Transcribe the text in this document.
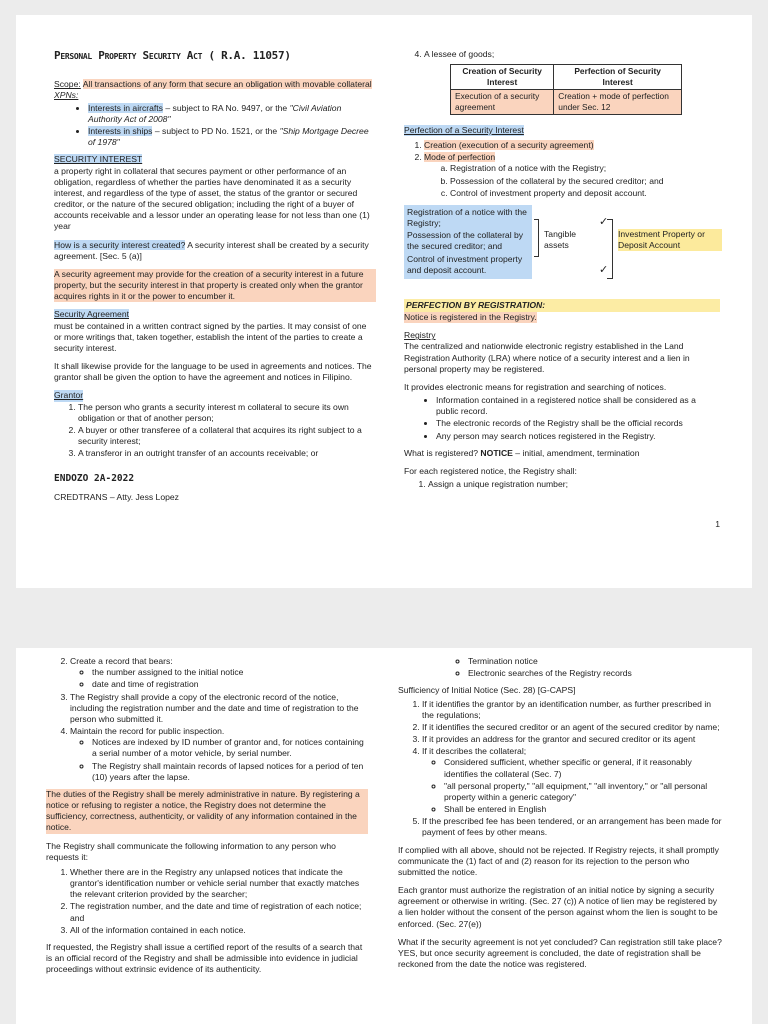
Personal Property Security Act ( R.A. 11057)

Scope: All transactions of any form that secure an obligation with movable collateral
XPNs:

• Interests in aircrafts – subject to RA No. 9497, or the "Civil Aviation Authority Act of 2008"
• Interests in ships – subject to PD No. 1521, or the "Ship Mortgage Decree of 1978"

SECURITY INTEREST
a property right in collateral that secures payment or other performance of an obligation, regardless of whether the parties have denominated it as a security interest, and regardless of the type of asset, the status of the grantor or secured creditor, or the nature of the secured obligation; including the right of a buyer of accounts receivable and a lessor under an operating lease for not less than one (1) year

How is a security interest created? A security interest shall be created by a security agreement. [Sec. 5 (a)]

A security agreement may provide for the creation of a security interest in a future property, but the security interest in that property is created only when the grantor acquires rights in it or the power to encumber it.

Security Agreement
must be contained in a written contract signed by the parties. It may consist of one or more writings that, taken together, establish the intent of the parties to create a security interest.

It shall likewise provide for the language to be used in agreements and notices. The grantor shall be given the option to have the agreement and notices in Filipino.

Grantor
1. The person who grants a security interest m collateral to secure its own obligation or that of another person;
2. A buyer or other transferee of a collateral that acquires its right subject to a security interest;
3. A transferor in an outright transfer of an accounts receivable; or
ENDOZO 2A-2022
CREDTRANS – Atty. Jess Lopez
4. A lessee of goods;
Creation of Security Interest	Perfection of Security Interest
Execution of a security agreement	Creation + mode of perfection under Sec. 12
Perfection of a Security Interest
1. Creation (execution of a security agreement)
2. Mode of perfection
a. Registration of a notice with the Registry;
b. Possession of the collateral by the secured creditor; and
c. Control of investment property and deposit account.
Registration of a notice with the Registry;
Possession of the collateral by the secured creditor; and
Control of investment property and deposit account.
Tangible assets
✓
✓
Investment Property or Deposit Account
PERFECTION BY REGISTRATION:

Notice is registered in the Registry.

Registry
The centralized and nationwide electronic registry established in the Land Registration Authority (LRA) where notice of a security interest and a lien in personal property may be registered.

It provides electronic means for registration and searching of notices.

• Information contained in a registered notice shall be considered as a public record.
• The electronic records of the Registry shall be the official records
• Any person may search notices registered in the Registry.

What is registered? NOTICE – initial, amendment, termination

For each registered notice, the Registry shall:

1. Assign a unique registration number;
1
2. Create a record that bears:
◦ the number assigned to the initial notice
◦ date and time of registration
3. The Registry shall provide a copy of the electronic record of the notice, including the registration number and the date and time of registration to the person who submitted it.
4. Maintain the record for public inspection.
◦ Notices are indexed by ID number of grantor and, for notices containing a serial number of a motor vehicle, by serial number.
◦ The Registry shall maintain records of lapsed notices for a period of ten (10) years after the lapse.

The duties of the Registry shall be merely administrative in nature. By registering a notice or refusing to register a notice, the Registry does not determine the sufficiency, correctness, authenticity, or validity of any information contained in the notice.

The Registry shall communicate the following information to any person who requests it:

1. Whether there are in the Registry any unlapsed notices that indicate the grantor's identification number or vehicle serial number that exactly matches the relevant criterion provided by the searcher;
2. The registration number, and the date and time of registration of each notice; and
3. All of the information contained in each notice.

If requested, the Registry shall issue a certified report of the results of a search that is an official record of the Registry and shall be admissible into evidence in judicial proceedings without extrinsic evidence of its authenticity.

◦ Termination notice
◦ Electronic searches of the Registry records

Sufficiency of Initial Notice (Sec. 28) [G-CAPS]

1. If it identifies the grantor by an identification number, as further prescribed in the regulations;
2. If it identifies the secured creditor or an agent of the secured creditor by name;
3. If it provides an address for the grantor and secured creditor or its agent
4. If it describes the collateral;
◦ Considered sufficient, whether specific or general, if it reasonably identifies the collateral (Sec. 7)
◦ "all personal property," "all equipment," "all inventory," or "all personal property within a generic category"
◦ Shall be entered in English
5. If the prescribed fee has been tendered, or an arrangement has been made for payment of fees by other means.

If complied with all above, should not be rejected. If Registry rejects, it shall promptly communicate the (1) fact of and (2) reason for its rejection to the person who submitted the notice.

Each grantor must authorize the registration of an initial notice by signing a security agreement or otherwise in writing. (Sec. 27 (c)) A notice of lien may be registered by a lien holder without the consent of the person against whom the lien is sought to be enforced. (Sec. 27(e))

What if the security agreement is not yet concluded? Can registration still take place? YES, but once security agreement is concluded, the date of registration shall be reckoned from the date the notice was registered.
